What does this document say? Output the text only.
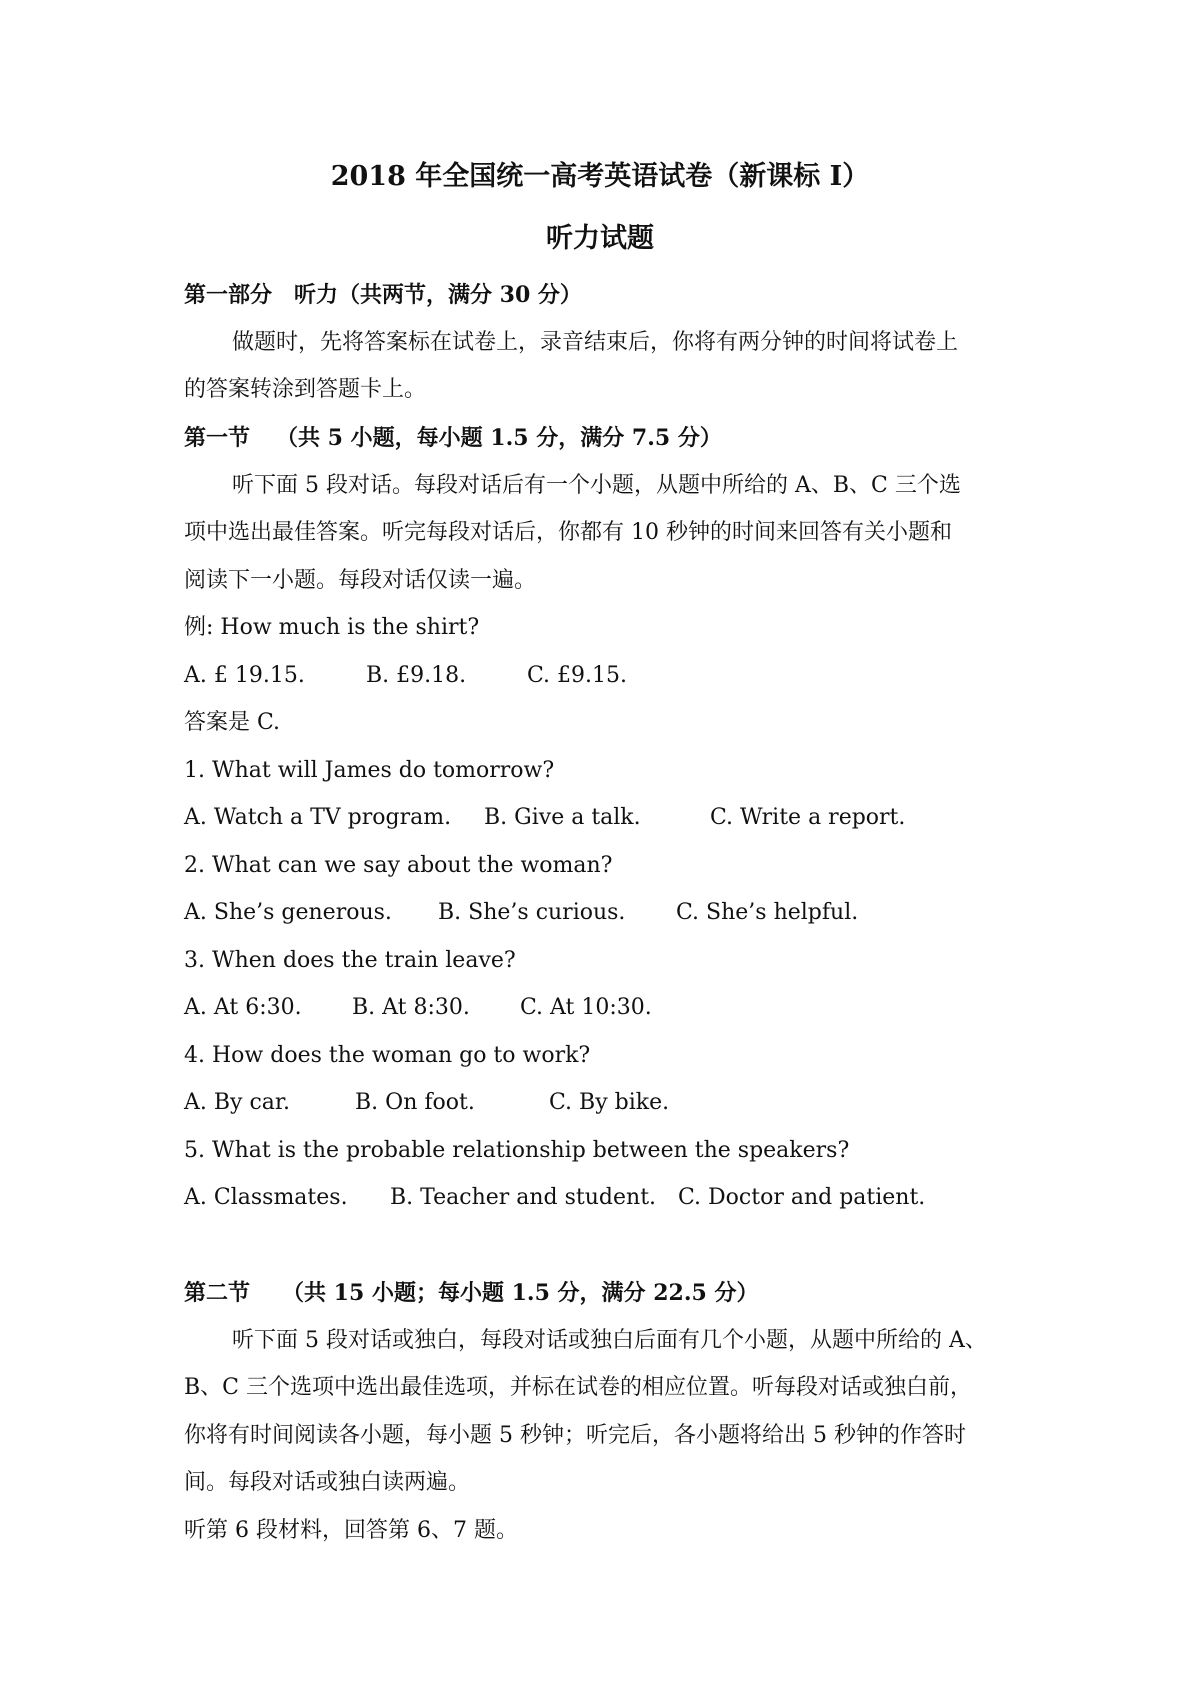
2018 年全国统一高考英语试卷（新课标 I）
听力试题
第一部分　听力（共两节，满分 30 分）
做题时，先将答案标在试卷上，录音结束后，你将有两分钟的时间将试卷上
的答案转涂到答题卡上。
第一节 （共 5 小题，每小题 1.5 分，满分 7.5 分）
听下面 5 段对话。每段对话后有一个小题，从题中所给的 A、B、C 三个选
项中选出最佳答案。听完每段对话后，你都有 10 秒钟的时间来回答有关小题和
阅读下一小题。每段对话仅读一遍。
例: How much is the shirt?
A. £ 19.15.	B. £9.18.	C. £9.15.
答案是 C.
1. What will James do tomorrow?
A. Watch a TV program. B. Give a talk.	C. Write a report.
2. What can we say about the woman?
A. She’s generous. B. She’s curious. C. She’s helpful.
3. When does the train leave?
A. At 6:30. B. At 8:30. C. At 10:30.
4. How does the woman go to work?
A. By car.	B. On foot.	C. By bike.
5. What is the probable relationship between the speakers?
A. Classmates. B. Teacher and student. C. Doctor and patient.
第二节 （共 15 小题；每小题 1.5 分，满分 22.5 分）
听下面 5 段对话或独白，每段对话或独白后面有几个小题，从题中所给的 A、
B、C 三个选项中选出最佳选项，并标在试卷的相应位置。听每段对话或独白前，
你将有时间阅读各小题，每小题 5 秒钟；听完后，各小题将给出 5 秒钟的作答时
间。每段对话或独白读两遍。
听第 6 段材料，回答第 6、7 题。
